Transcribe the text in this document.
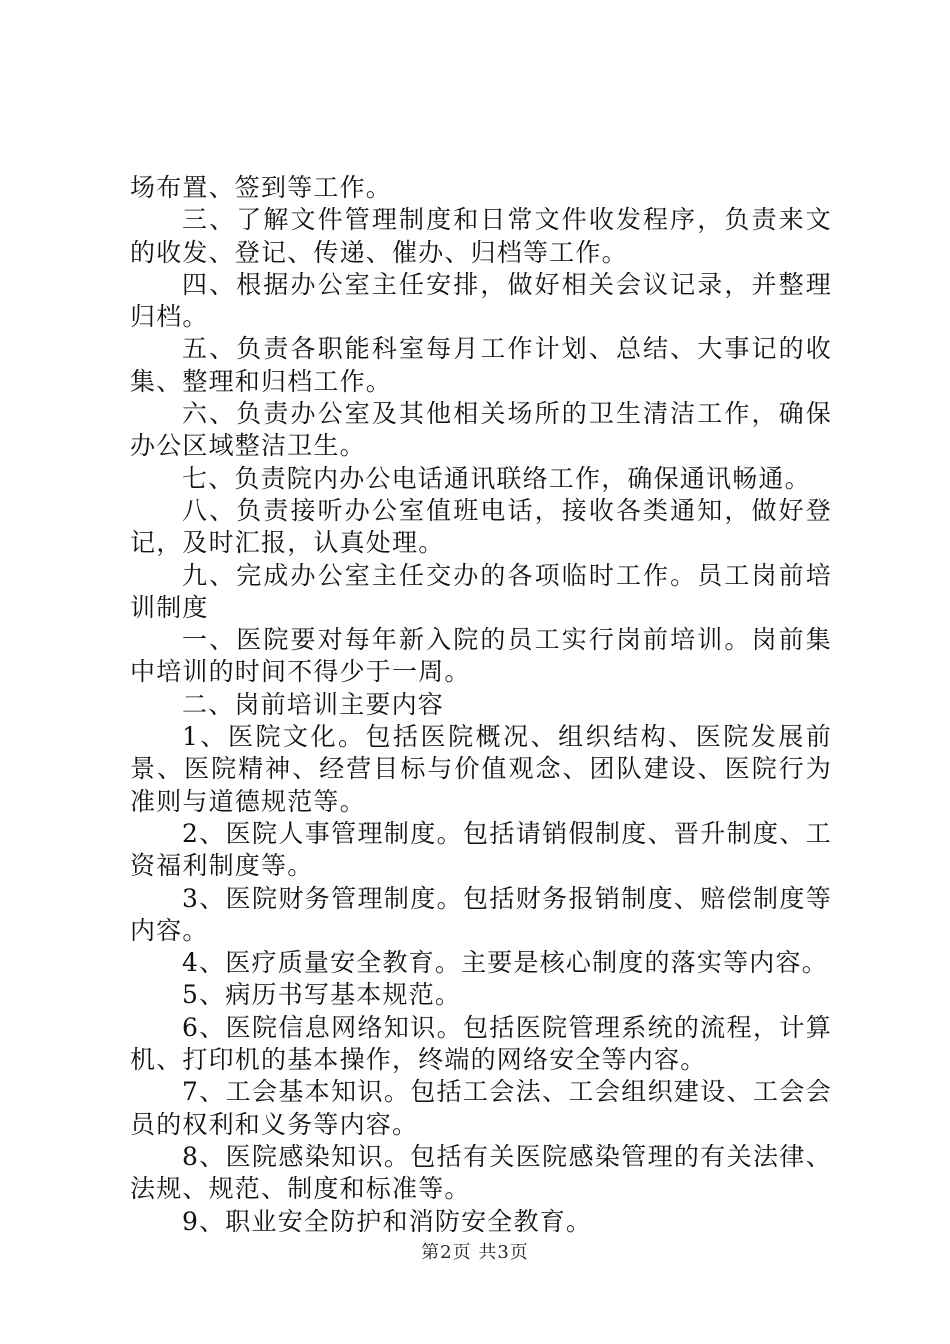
场布置、签到等工作。

三、了解文件管理制度和日常文件收发程序，负责来文的收发、登记、传递、催办、归档等工作。

四、根据办公室主任安排，做好相关会议记录，并整理归档。

五、负责各职能科室每月工作计划、总结、大事记的收集、整理和归档工作。

六、负责办公室及其他相关场所的卫生清洁工作，确保办公区域整洁卫生。

七、负责院内办公电话通讯联络工作，确保通讯畅通。

八、负责接听办公室值班电话，接收各类通知，做好登记，及时汇报，认真处理。

九、完成办公室主任交办的各项临时工作。员工岗前培训制度

一、医院要对每年新入院的员工实行岗前培训。岗前集中培训的时间不得少于一周。

二、岗前培训主要内容

1、医院文化。包括医院概况、组织结构、医院发展前景、医院精神、经营目标与价值观念、团队建设、医院行为准则与道德规范等。

2、医院人事管理制度。包括请销假制度、晋升制度、工资福利制度等。

3、医院财务管理制度。包括财务报销制度、赔偿制度等内容。

4、医疗质量安全教育。主要是核心制度的落实等内容。

5、病历书写基本规范。

6、医院信息网络知识。包括医院管理系统的流程，计算机、打印机的基本操作，终端的网络安全等内容。

7、工会基本知识。包括工会法、工会组织建设、工会会员的权利和义务等内容。

8、医院感染知识。包括有关医院感染管理的有关法律、法规、规范、制度和标准等。

9、职业安全防护和消防安全教育。

第2页 共3页
